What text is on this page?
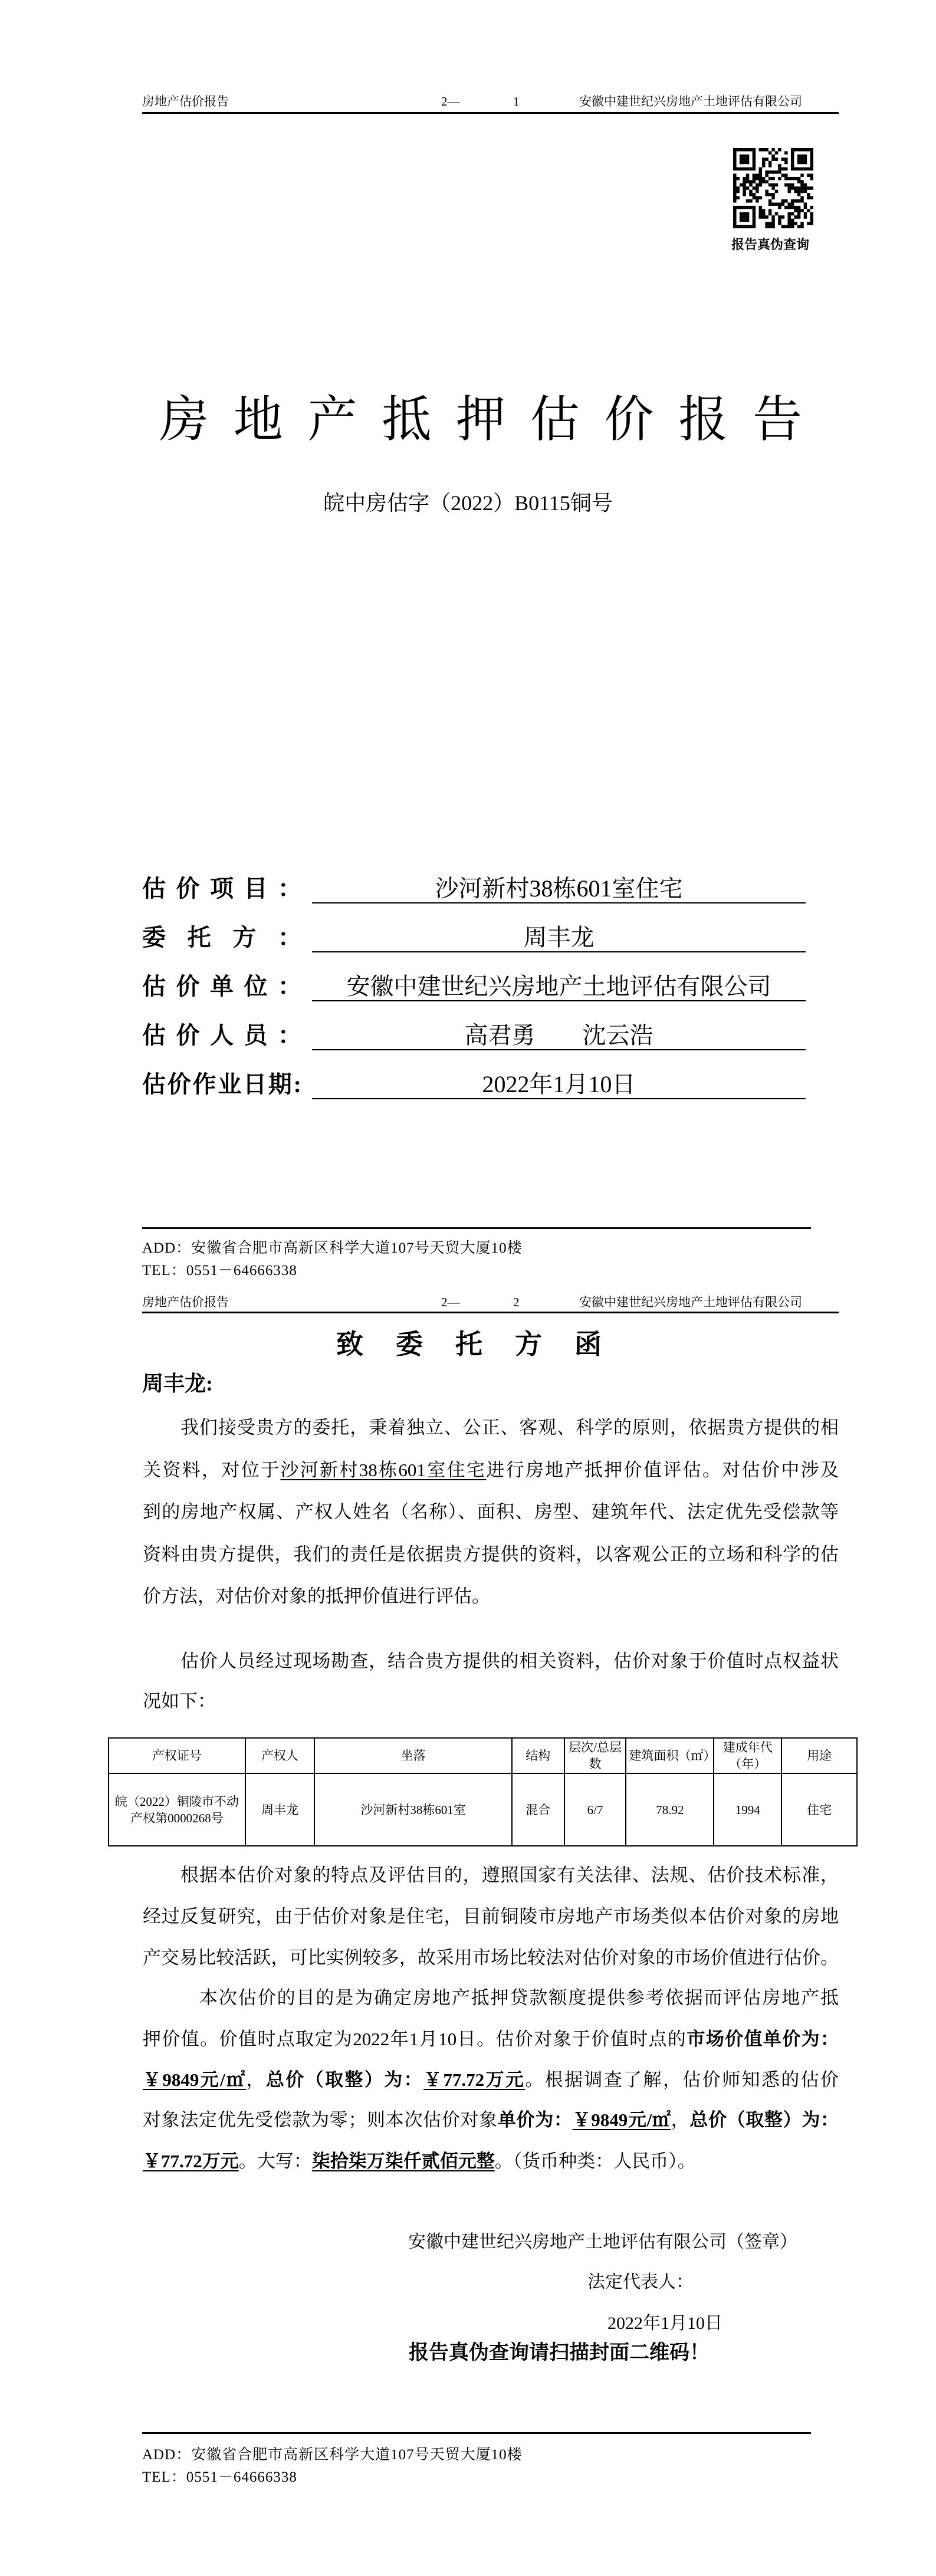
房地产估价报告	2—	1	安徽中建世纪兴房地产土地评估有限公司
报告真伪查询
房地产抵押估价报告
皖中房估字（2022）B0115铜号
估价项目：	沙河新村38栋601室住宅
委托方：	周丰龙
估价单位：	安徽中建世纪兴房地产土地评估有限公司
估价人员：	高君勇　　沈云浩
估价作业日期:	2022年1月10日
ADD：安徽省合肥市高新区科学大道107号天贸大厦10楼
TEL：0551－64666338
房地产估价报告	2—	2	安徽中建世纪兴房地产土地评估有限公司
致委托方函
周丰龙:
我们接受贵方的委托，秉着独立、公正、客观、科学的原则，依据贵方提供的相
关资料，对位于沙河新村38栋601室住宅进行房地产抵押价值评估。对估价中涉及
到的房地产权属、产权人姓名（名称）、面积、房型、建筑年代、法定优先受偿款等
资料由贵方提供，我们的责任是依据贵方提供的资料，以客观公正的立场和科学的估
价方法，对估价对象的抵押价值进行评估。
估价人员经过现场勘查，结合贵方提供的相关资料，估价对象于价值时点权益状
况如下：
根据本估价对象的特点及评估目的，遵照国家有关法律、法规、估价技术标准，
经过反复研究，由于估价对象是住宅，目前铜陵市房地产市场类似本估价对象的房地
产交易比较活跃，可比实例较多，故采用市场比较法对估价对象的市场价值进行估价。
本次估价的目的是为确定房地产抵押贷款额度提供参考依据而评估房地产抵
押价值。价值时点取定为2022年1月10日。估价对象于价值时点的市场价值单价为：
￥9849元/㎡，总价（取整）为：￥77.72万元。根据调查了解，估价师知悉的估价
对象法定优先受偿款为零；则本次估价对象单价为：￥9849元/㎡，总价（取整）为：
￥77.72万元。大写：柒拾柒万柒仟贰佰元整。（货币种类：人民币）。
产权证号	产权人	坐落	结构	层次/总层数	建筑面积（㎡）	建成年代（年）	用途
皖（2022）铜陵市不动产权第0000268号	周丰龙	沙河新村38栋601室	混合	6/7	78.92	1994	住宅
安徽中建世纪兴房地产土地评估有限公司（签章）
法定代表人：
2022年1月10日
报告真伪查询请扫描封面二维码！
ADD：安徽省合肥市高新区科学大道107号天贸大厦10楼
TEL：0551－64666338
